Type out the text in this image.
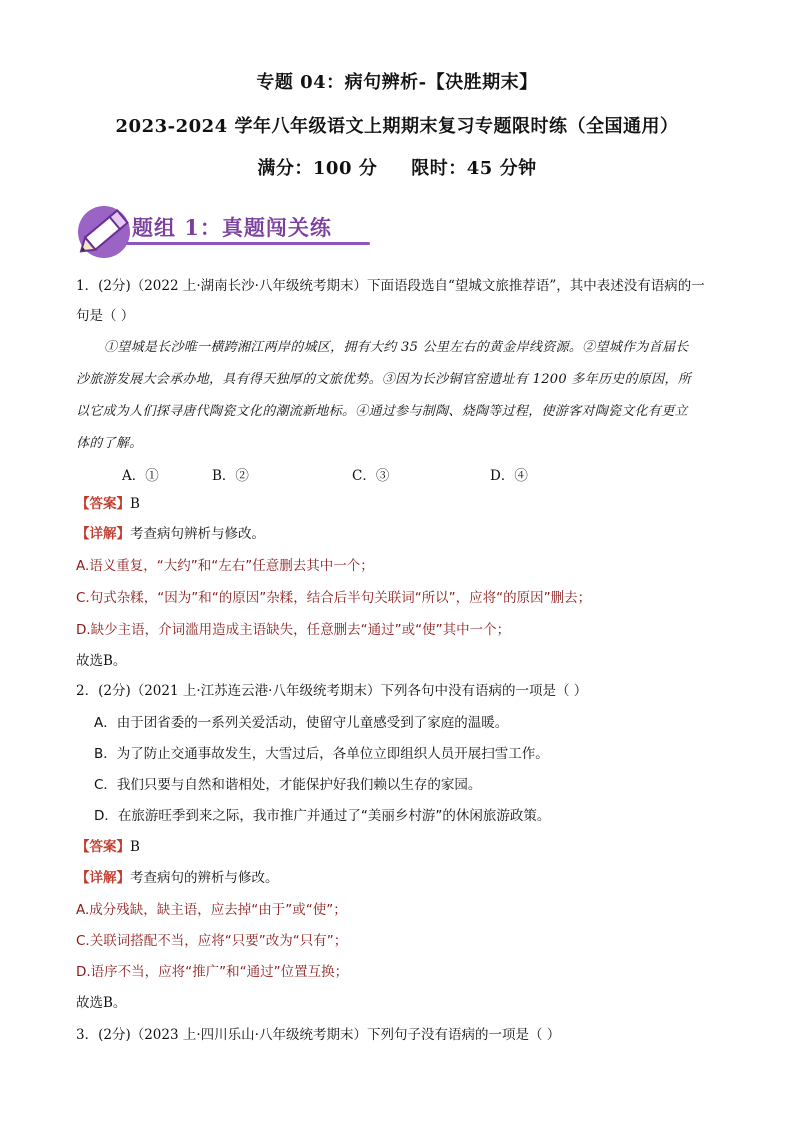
专题 04：病句辨析-【决胜期末】
2023-2024 学年八年级语文上期期末复习专题限时练（全国通用）
满分：100 分 限时：45 分钟
题组 1：真题闯关练
1．(2分)（2022 上·湖南长沙·八年级统考期末）下面语段选自“望城文旅推荐语”，其中表述没有语病的一
句是（ ）
①望城是长沙唯一横跨湘江两岸的城区，拥有大约 35 公里左右的黄金岸线资源。②望城作为首届长
沙旅游发展大会承办地，具有得天独厚的文旅优势。③因为长沙铜官窑遗址有 1200 多年历史的原因，所
以它成为人们探寻唐代陶瓷文化的潮流新地标。④通过参与制陶、烧陶等过程，使游客对陶瓷文化有更立
体的了解。
A．①	B．②	C．③	D．④
【答案】B
【详解】考查病句辨析与修改。
A.语义重复，“大约”和“左右”任意删去其中一个；
C.句式杂糅，“因为”和“的原因”杂糅，结合后半句关联词“所以”，应将“的原因”删去；
D.缺少主语，介词滥用造成主语缺失，任意删去“通过”或“使”其中一个；
故选B。
2．(2分)（2021 上·江苏连云港·八年级统考期末）下列各句中没有语病的一项是（ ）
A．由于团省委的一系列关爱活动，使留守儿童感受到了家庭的温暖。
B．为了防止交通事故发生，大雪过后，各单位立即组织人员开展扫雪工作。
C．我们只要与自然和谐相处，才能保护好我们赖以生存的家园。
D．在旅游旺季到来之际，我市推广并通过了“美丽乡村游”的休闲旅游政策。
【答案】B
【详解】考查病句的辨析与修改。
A.成分残缺，缺主语，应去掉“由于”或“使”；
C.关联词搭配不当，应将“只要”改为“只有”；
D.语序不当，应将“推广”和“通过”位置互换；
故选B。
3．(2分)（2023 上·四川乐山·八年级统考期末）下列句子没有语病的一项是（ ）
